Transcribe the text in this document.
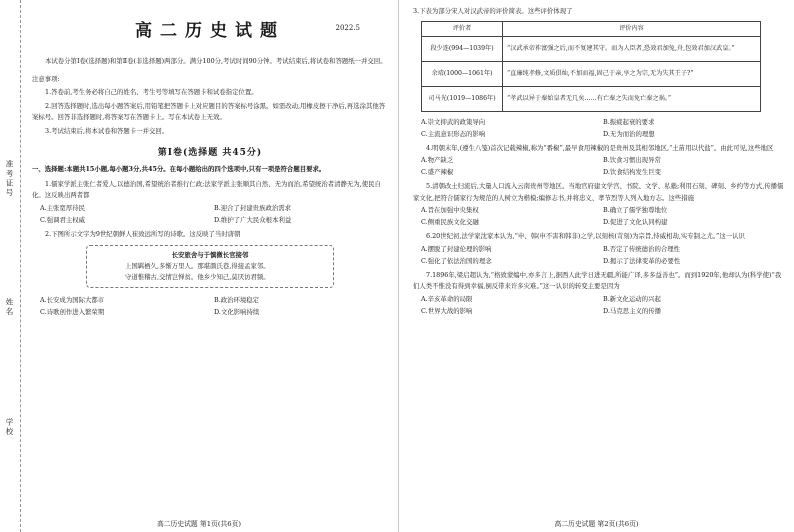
准考证号
姓名
学校
高二历史试题	2022.5

本试卷分第Ⅰ卷(选择题)和第Ⅱ卷(非选择题)两部分。满分100分,考试时间90分钟。考试结束后,将试卷和答题纸一并交回。

注意事项:

1.答卷前,考生务必将自己的姓名、考生号等填写在答题卡和试卷指定位置。

2.回答选择题时,选出每小题答案后,用铅笔把答题卡上对应题目的答案标号涂黑。如需改动,用橡皮擦干净后,再选涂其他答案标号。回答非选择题时,将答案写在答题卡上。写在本试卷上无效。

3.考试结束后,将本试卷和答题卡一并交回。

第Ⅰ卷(选择题 共45分)

一、选择题:本题共15小题,每小题3分,共45分。在每小题给出的四个选项中,只有一项是符合题目要求。

1.儒家学派主张仁者爱人,以德治国,希望统治者推行仁政;法家学派主张顺其自然、无为而治,希望统治者清静无为,使民自化。这反映出两者都

A.主张宽厚待民	B.迎合了封建贵族政治需求
C.强调君主权威	D.维护了广大民众根本利益

2.下图所示文字为9世纪朝鲜人崔致远所写的诗歌。这反映了当时唐朝

长安旅舍与于慎微长官接邻
上国羁栖久,多惭万里人。那堪颜氏巷,得接孟家邻。
守道惟稽古,交情岂惮贫。他乡少知己,莫厌访君频。
A.长安成为国际大都市	B.政治环境稳定
C.诗歌创作进入繁荣期	D.文化影响持续
高二历史试题 第1页(共6页)

3.下表为部分宋人对汉武帝的评价简表。这些评价体现了

评价者	评价内容
段少连(994—1039年)	“汉武承帝祚富强之后,而不复建其守。而为人臣者,恐效君加兔,舟,包效君加汉武皇。”
余靖(1000—1061年)	“直廉纯孝修,文质俱灿,不加而福,固己于亲,享之为宗,无为失其王子?”
司马光(1019—1086年)	“孝武以异于秦始皇者无几矣……有亡秦之失而免亡秦之祸。”
A.崇文抑武的政策导向	B.振疲起衰的要求
C.主流意识形态的影响	D.无为而治的理想

4.明朝末年,(遵生八笺)首次记载辣椒,称为“番椒”,最早食用辣椒的是贵州及其相邻地区,“土苗用以代盐”。由此可见,这些地区

A.物产缺乏	B.饮食习惯出现异常
C.盛产辣椒	D.饮食结构发生巨变

5.清朝改土归流后,大量人口流入云南贵州等地区。当地官府建文学宫、书院、文学、私塾;利用石刻、碑刻、乡约等方式,传播儒家文化,把符合儒家行为规范的人树立为楷模;编修志书,并将忠义、孝节烈等人列入地方志。这些措施

A.旨在加强中央集权	B.确立了儒学独尊地位
C.侧重民族文化交融	D.促进了文化认同构建

6.20世纪初,法学家沈家本认为,“申、韩(申不害和韩非)之学,以刻核(苛刻)为宗旨,恃威相劫,实专制之尤。”这一认识

A.摆脱了封建伦理的影响	B.否定了传统德治的合理性
C.强化了依法治国的理念	D.揭示了法律变革的必要性

7.1896年,梁启超认为,“格致蒙编中,亦多言上,据西人此学日进无疆,所能广译,多多益善也”。而到1920年,他却认为(科学使)“我们人类不惟没有得到幸福,倒反带来许多灾难。”这一认识的转变主要是因为

A.辛亥革命的局限	B.新文化运动的兴起
C.世界大战的影响	D.马克思主义的传播
高二历史试题 第2页(共6页)
